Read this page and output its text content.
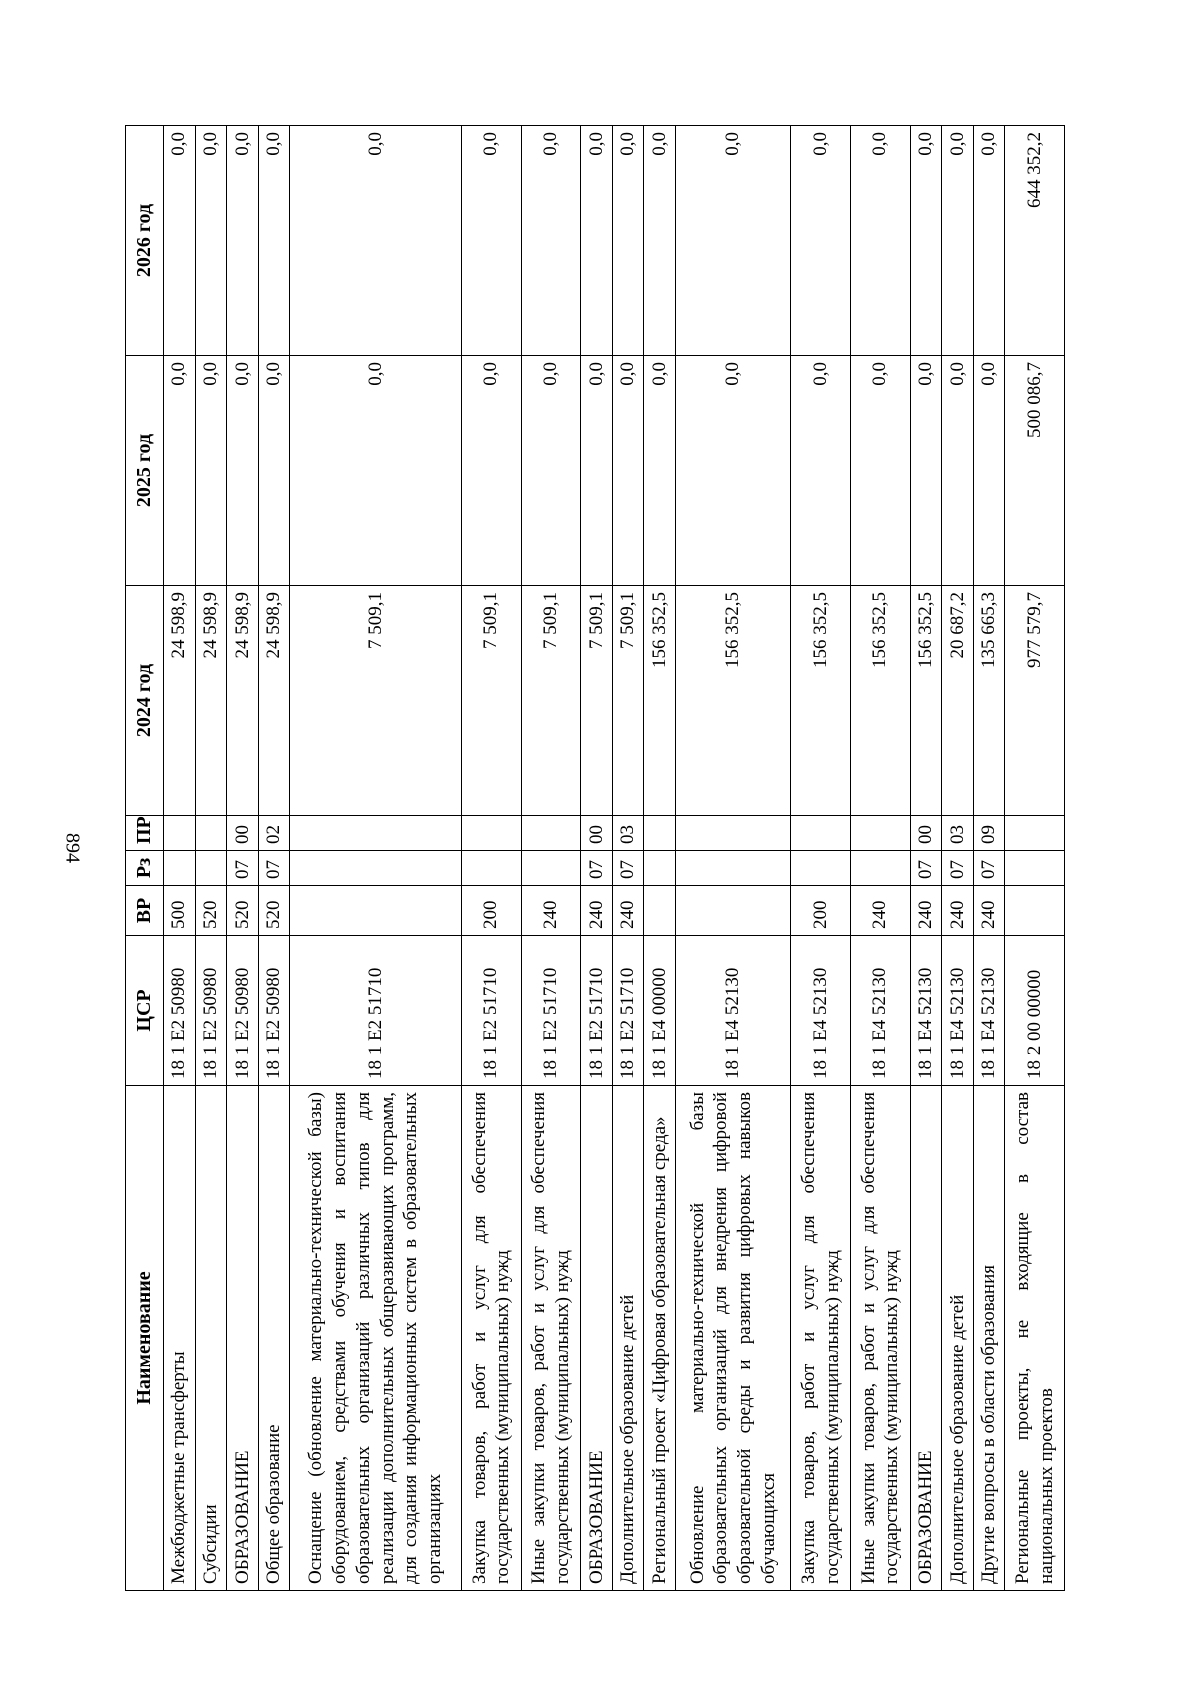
894
Наименование	ЦСР	ВР	Рз	ПР	2024 год	2025 год	2026 год
Межбюджетные трансферты	18 1 Е2 50980	500			24 598,9	0,0	0,0
Субсидии	18 1 Е2 50980	520			24 598,9	0,0	0,0
ОБРАЗОВАНИЕ	18 1 Е2 50980	520	07	00	24 598,9	0,0	0,0
Общее образование	18 1 Е2 50980	520	07	02	24 598,9	0,0	0,0
Оснащение (обновление материально-технической базы) оборудованием, средствами обучения и воспитания образовательных организаций различных типов для реализации дополнительных общеразвивающих программ, для создания информационных систем в образовательных организациях	18 1 Е2 51710				7 509,1	0,0	0,0
Закупка товаров, работ и услуг для обеспечения государственных (муниципальных) нужд	18 1 Е2 51710	200			7 509,1	0,0	0,0
Иные закупки товаров, работ и услуг для обеспечения государственных (муниципальных) нужд	18 1 Е2 51710	240			7 509,1	0,0	0,0
ОБРАЗОВАНИЕ	18 1 Е2 51710	240	07	00	7 509,1	0,0	0,0
Дополнительное образование детей	18 1 Е2 51710	240	07	03	7 509,1	0,0	0,0
Региональный проект «Цифровая образовательная среда»	18 1 Е4 00000				156 352,5	0,0	0,0
Обновление материально-технической базы образовательных организаций для внедрения цифровой образовательной среды и развития цифровых навыков обучающихся	18 1 Е4 52130				156 352,5	0,0	0,0
Закупка товаров, работ и услуг для обеспечения государственных (муниципальных) нужд	18 1 Е4 52130	200			156 352,5	0,0	0,0
Иные закупки товаров, работ и услуг для обеспечения государственных (муниципальных) нужд	18 1 Е4 52130	240			156 352,5	0,0	0,0
ОБРАЗОВАНИЕ	18 1 Е4 52130	240	07	00	156 352,5	0,0	0,0
Дополнительное образование детей	18 1 Е4 52130	240	07	03	20 687,2	0,0	0,0
Другие вопросы в области образования	18 1 Е4 52130	240	07	09	135 665,3	0,0	0,0
Региональные проекты, не входящие в состав национальных проектов	18 2 00 00000				977 579,7	500 086,7	644 352,2
